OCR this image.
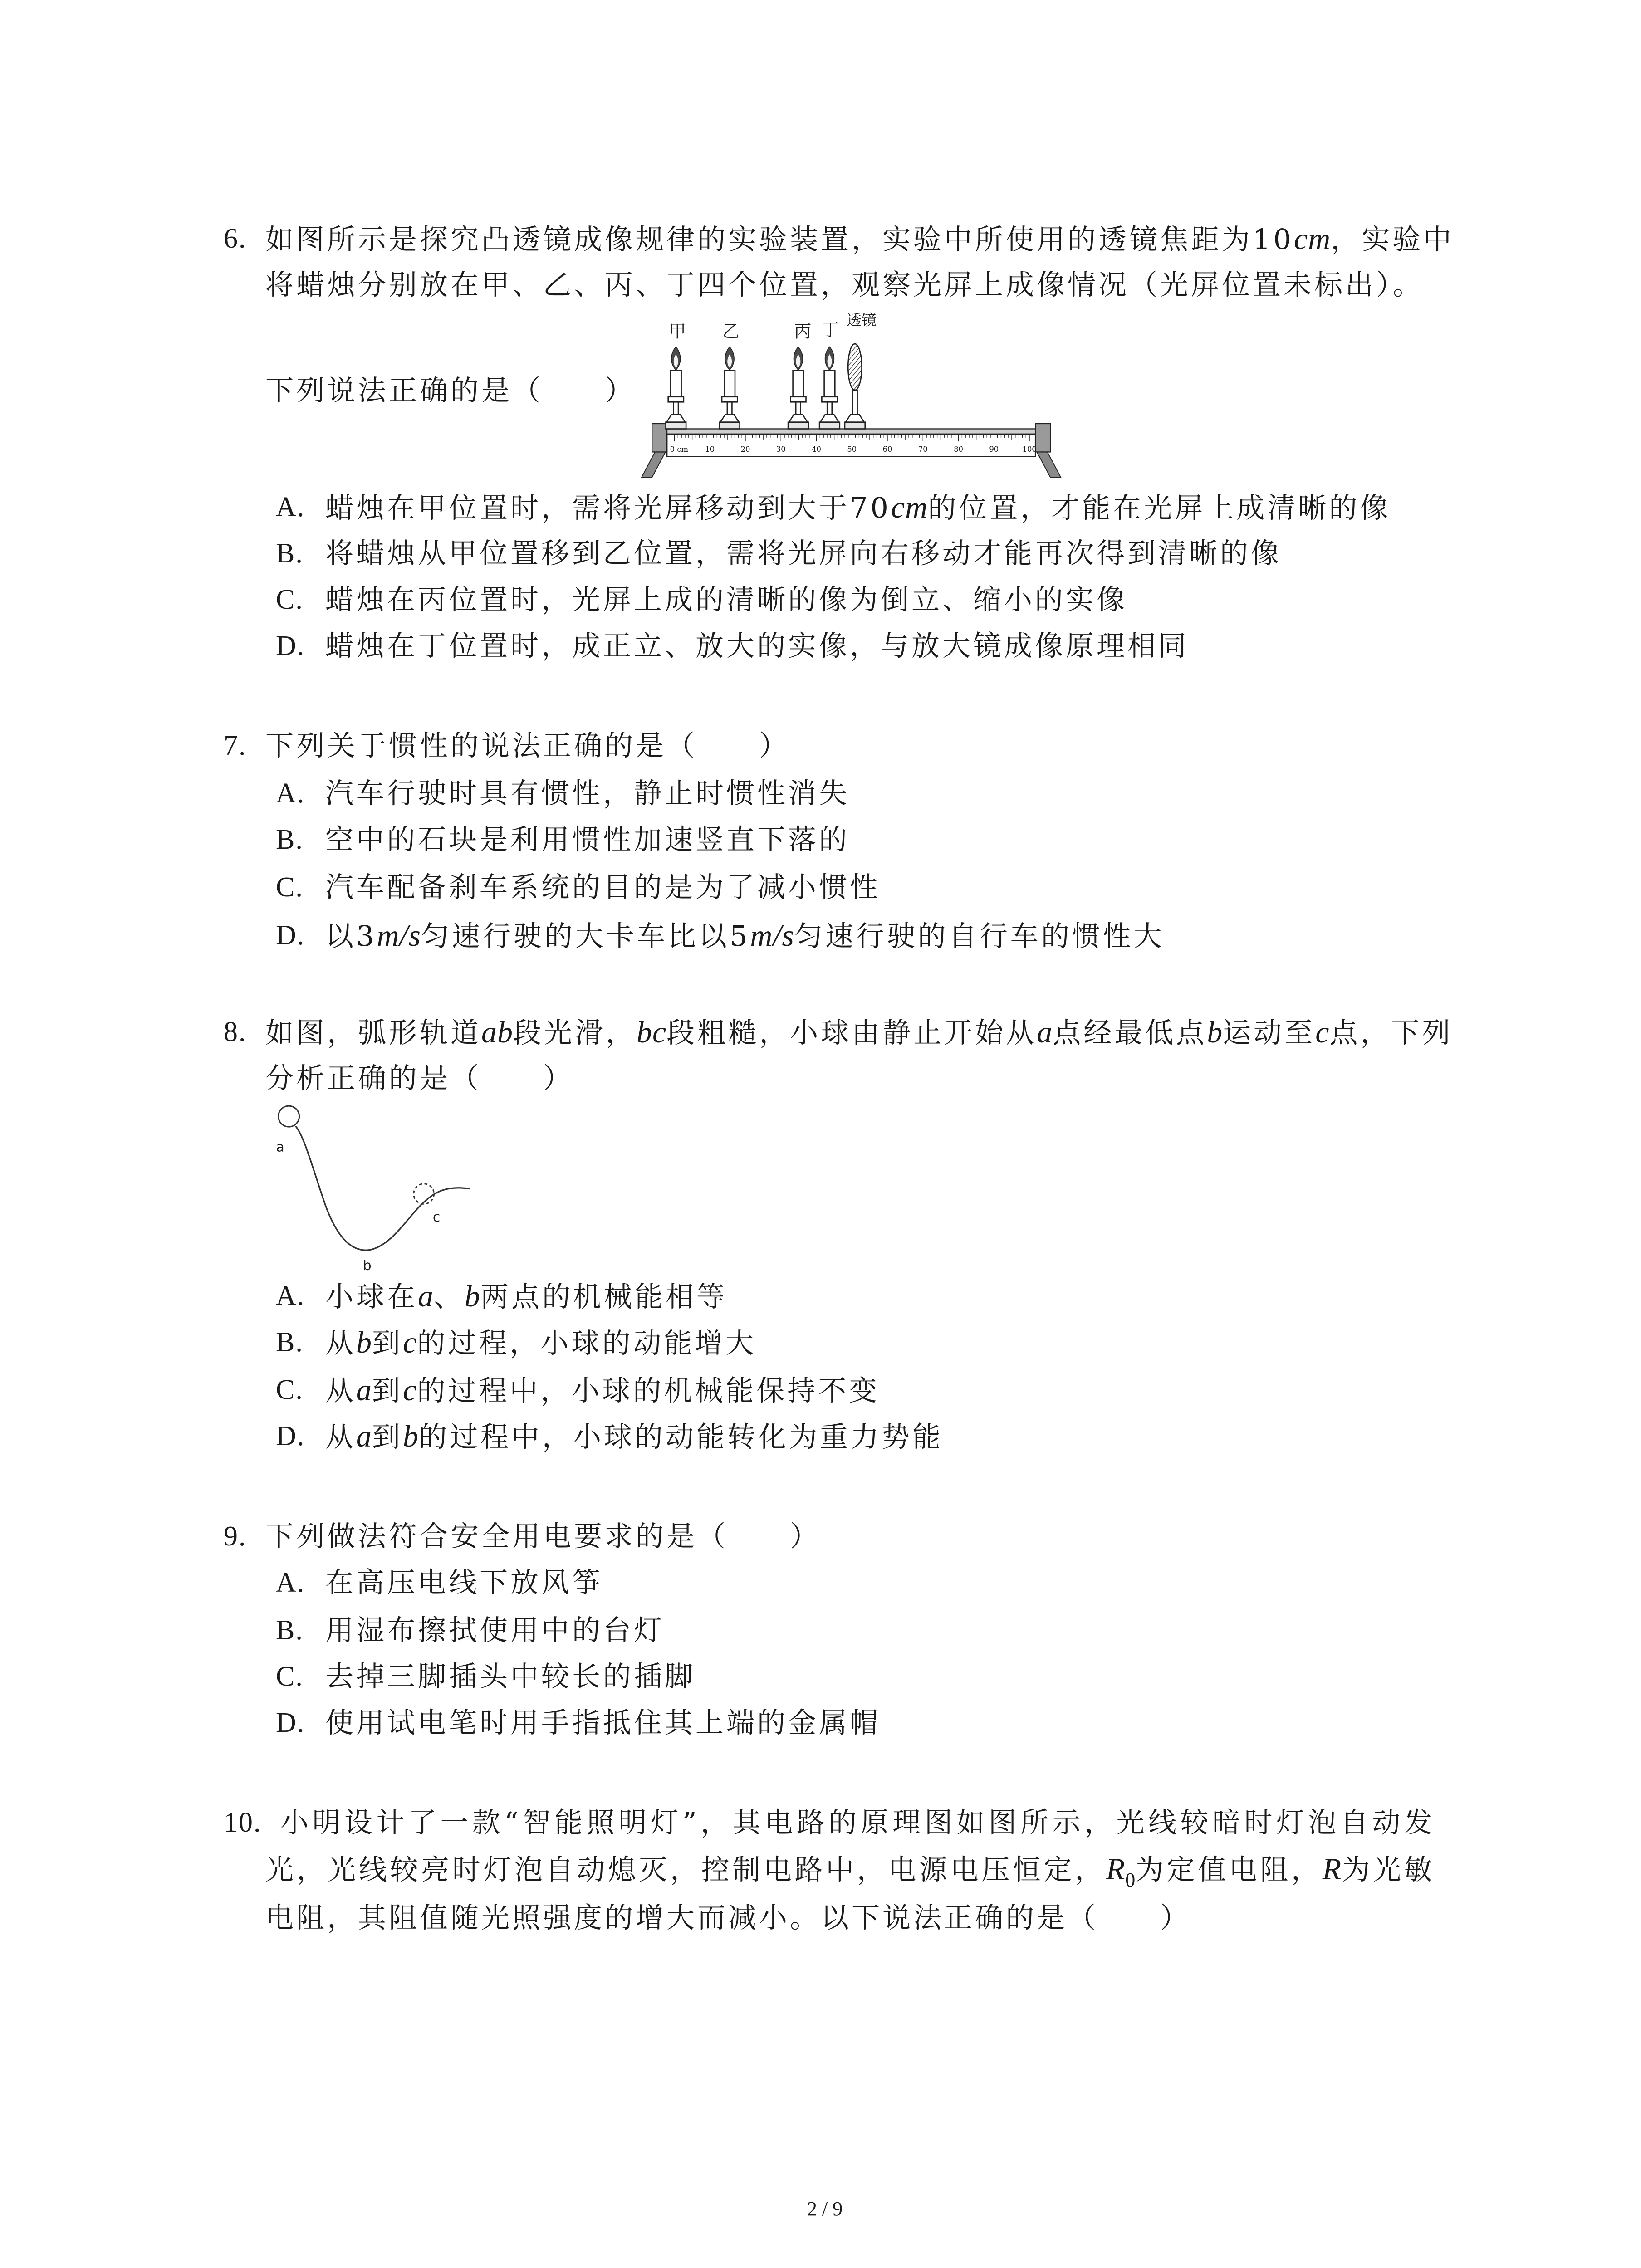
6. 如图所示是探究凸透镜成像规律的实验装置，实验中所使用的透镜焦距为10cm，实验中
将蜡烛分别放在甲、乙、丙、丁四个位置，观察光屏上成像情况（光屏位置未标出）。
下列说法正确的是（　　）
0 cm	10	20	30	40	50	60	70	80	90	100
甲	乙	丙 丁 透镜
A. 蜡烛在甲位置时，需将光屏移动到大于70cm的位置，才能在光屏上成清晰的像
B. 将蜡烛从甲位置移到乙位置，需将光屏向右移动才能再次得到清晰的像
C. 蜡烛在丙位置时，光屏上成的清晰的像为倒立、缩小的实像
D. 蜡烛在丁位置时，成正立、放大的实像，与放大镜成像原理相同
7. 下列关于惯性的说法正确的是（　　）
A. 汽车行驶时具有惯性，静止时惯性消失
B. 空中的石块是利用惯性加速竖直下落的
C. 汽车配备刹车系统的目的是为了减小惯性
D. 以3m/s匀速行驶的大卡车比以5m/s匀速行驶的自行车的惯性大
8. 如图，弧形轨道ab段光滑，bc段粗糙，小球由静止开始从a点经最低点b运动至c点，下列
分析正确的是（　　）
a
b
c
A. 小球在a、b两点的机械能相等
B. 从b到c的过程，小球的动能增大
C. 从a到c的过程中，小球的机械能保持不变
D. 从a到b的过程中，小球的动能转化为重力势能
9. 下列做法符合安全用电要求的是（　　）
A. 在高压电线下放风筝
B. 用湿布擦拭使用中的台灯
C. 去掉三脚插头中较长的插脚
D. 使用试电笔时用手指抵住其上端的金属帽
10. 小明设计了一款“智能照明灯”，其电路的原理图如图所示，光线较暗时灯泡自动发
光，光线较亮时灯泡自动熄灭，控制电路中，电源电压恒定，$R_0$为定值电阻，R为光敏
电阻，其阻值随光照强度的增大而减小。以下说法正确的是（　　）
2 / 9
